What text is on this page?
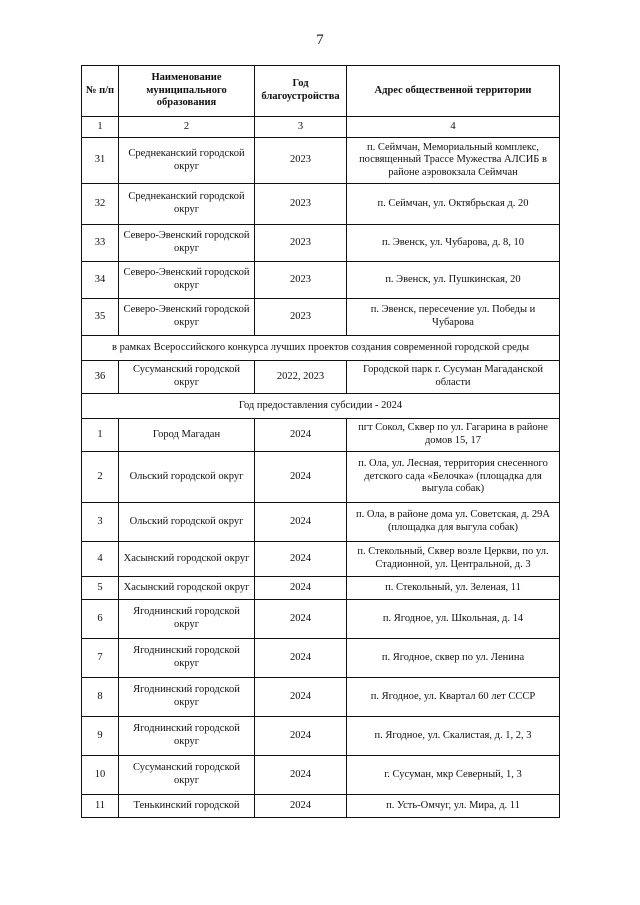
7
№ п/п	Наименование муниципального образования	Год благоустройства	Адрес общественной территории
1	2	3	4
31	Среднеканский городской округ	2023	п. Сеймчан, Мемориальный комплекс, посвященный Трассе Мужества АЛСИБ в районе аэровокзала Сеймчан
32	Среднеканский городской округ	2023	п. Сеймчан, ул. Октябрьская д. 20
33	Северо-Эвенский городской округ	2023	п. Эвенск, ул. Чубарова, д. 8, 10
34	Северо-Эвенский городской округ	2023	п. Эвенск, ул. Пушкинская, 20
35	Северо-Эвенский городской округ	2023	п. Эвенск, пересечение ул. Победы и Чубарова
в рамках Всероссийского конкурса лучших проектов создания современной городской среды			
36	Сусуманский городской округ	2022, 2023	Городской парк г. Сусуман Магаданской области
Год предоставления субсидии - 2024			
1	Город Магадан	2024	пгт Сокол, Сквер по ул. Гагарина в районе домов 15, 17
2	Ольский городской округ	2024	п. Ола, ул. Лесная, территория снесенного детского сада «Белочка» (площадка для выгула собак)
3	Ольский городской округ	2024	п. Ола, в районе дома ул. Советская, д. 29А (площадка для выгула собак)
4	Хасынский городской округ	2024	п. Стекольный, Сквер возле Церкви, по ул. Стадионной, ул. Центральной, д. 3
5	Хасынский городской округ	2024	п. Стекольный, ул. Зеленая, 11
6	Ягоднинский городской округ	2024	п. Ягодное, ул. Школьная, д. 14
7	Ягоднинский городской округ	2024	п. Ягодное, сквер по ул. Ленина
8	Ягоднинский городской округ	2024	п. Ягодное, ул. Квартал 60 лет СССР
9	Ягоднинский городской округ	2024	п. Ягодное, ул. Скалистая, д. 1, 2, 3
10	Сусуманский городской округ	2024	г. Сусуман, мкр Северный, 1, 3
11	Тенькинский городской	2024	п. Усть-Омчуг, ул. Мира, д. 11
